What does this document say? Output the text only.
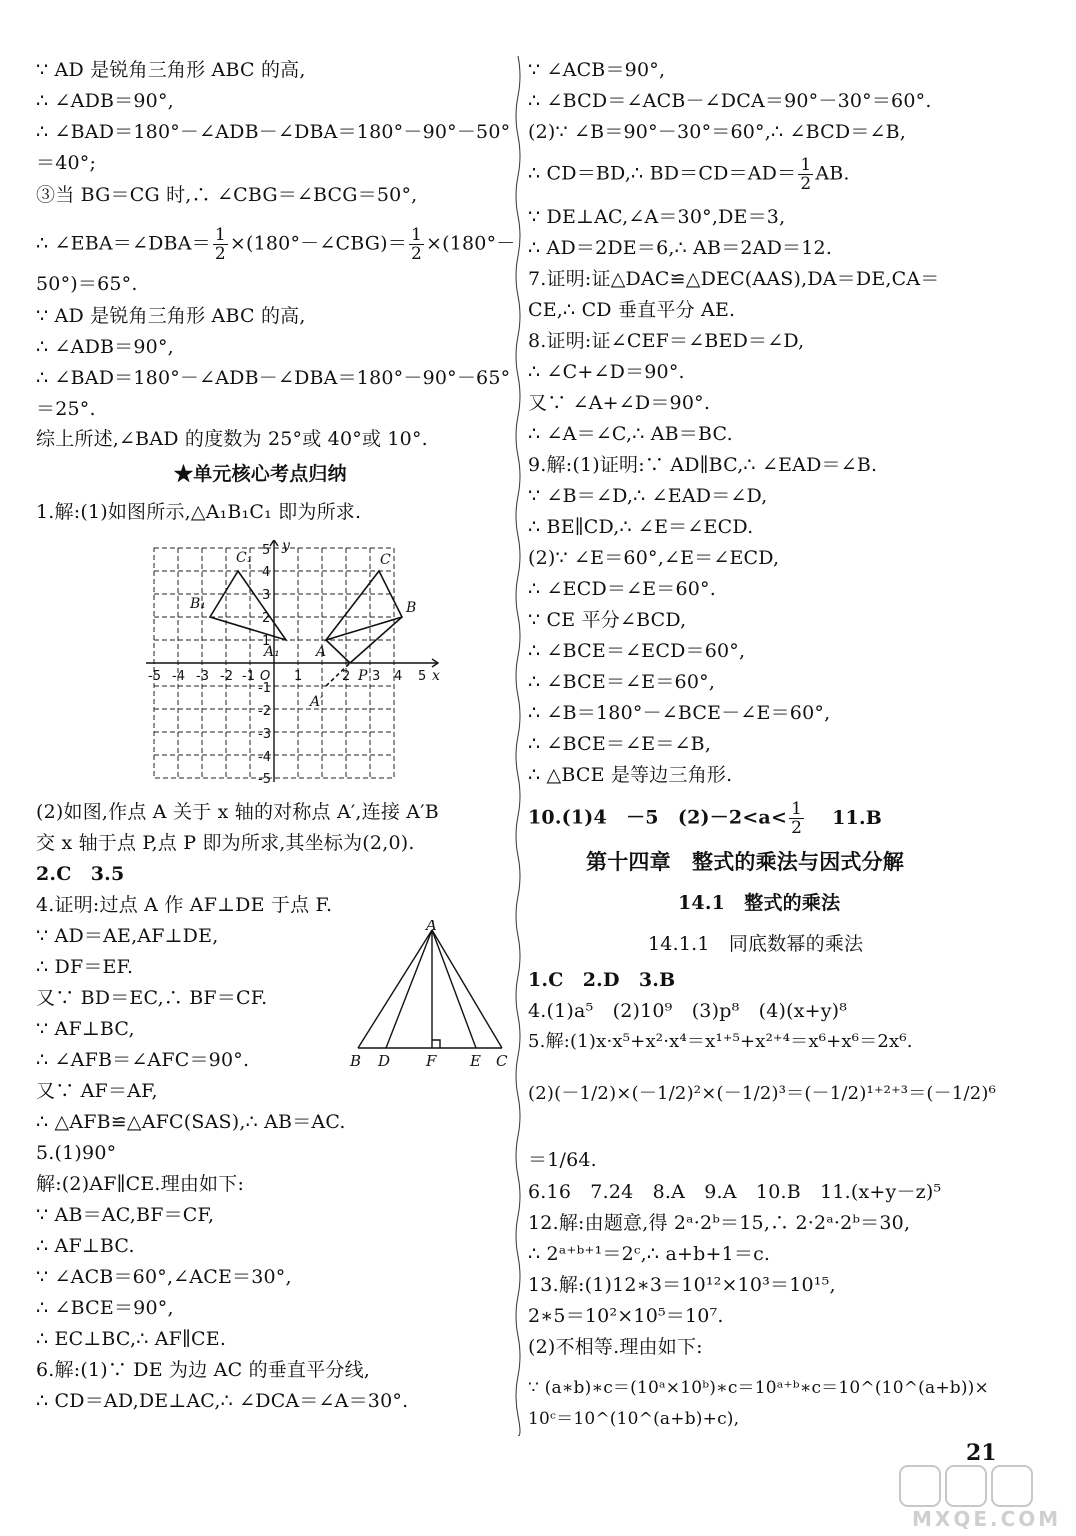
∵ AD 是锐角三角形 ABC 的高,
∴ ∠ADB＝90°,
∴ ∠BAD＝180°－∠ADB－∠DBA＝180°－90°－50°
＝40°;
③当 BG＝CG 时,∴ ∠CBG＝∠BCG＝50°,
∴ ∠EBA＝∠DBA＝ $\frac{1}{2}$ ×(180°－∠CBG)＝ $\frac{1}{2} \times(180^\circ-$
50°)＝65°.
∵ AD 是锐角三角形 ABC 的高,
∴ ∠ADB＝90°,
∴ ∠BAD＝180°－∠ADB－∠DBA＝180°－90°－65°
＝25°.
综上所述,∠BAD 的度数为 25°或 40°或 10°.
★单元核心考点归纳
1.解:(1)如图所示,△A₁B₁C₁ 即为所求.
C₁	C
B₁	B
A₁	A
A′
P	x
y
-5 -4 -3 -2 -1 O 1	2 3 4 5
5
4
3
2
1
-1
-2
-3
-4
-5
(2)如图,作点 A 关于 x 轴的对称点 A′,连接 A′B
交 x 轴于点 P,点 P 即为所求,其坐标为(2,0).
2.C　3.5
4.证明:过点 A 作 AF⊥DE 于点 F.
∵ AD＝AE,AF⊥DE,
∴ DF＝EF.
又∵ BD＝EC,∴ BF＝CF.
∵ AF⊥BC,
∴ ∠AFB＝∠AFC＝90°.
又∵ AF＝AF,
∴ △AFB≌△AFC(SAS),∴ AB＝AC.
A
B D F E C
5.(1)90°
解:(2)AF∥CE.理由如下:
∵ AB＝AC,BF＝CF,
∴ AF⊥BC.
∵ ∠ACB＝60°,∠ACE＝30°,
∴ ∠BCE＝90°,
∴ EC⊥BC,∴ AF∥CE.
6.解:(1)∵ DE 为边 AC 的垂直平分线,
∴ CD＝AD,DE⊥AC,∴ ∠DCA＝∠A＝30°.
∵ ∠ACB＝90°,
∴ ∠BCD＝∠ACB－∠DCA＝90°－30°＝60°.
(2)∵ ∠B＝90°－30°＝60°,∴ ∠BCD＝∠B,
∴ CD＝BD,∴ $BD=CD=AD= \frac{1}{2}$ AB.
∵ DE⊥AC,∠A＝30°,DE＝3,
∴ AD＝2DE＝6,∴ AB＝2AD＝12.
7.证明:证△DAC≌△DEC(AAS),DA＝DE,CA＝
CE,∴ CD 垂直平分 AE.
8.证明:证∠CEF＝∠BED＝∠D,
∴ ∠C+∠D＝90°.
又∵ ∠A+∠D＝90°.
∴ ∠A＝∠C,∴ AB＝BC.
9.解:(1)证明:∵ AD∥BC,∴ ∠EAD＝∠B.
∵ ∠B＝∠D,∴ ∠EAD＝∠D,
∴ BE∥CD,∴ ∠E＝∠ECD.
(2)∵ ∠E＝60°,∠E＝∠ECD,
∴ ∠ECD＝∠E＝60°.
∵ CE 平分∠BCD,
∴ ∠BCE＝∠ECD＝60°,
∴ ∠BCE＝∠E＝60°,
∴ ∠B＝180°－∠BCE－∠E＝60°,
∴ ∠BCE＝∠E＝∠B,
∴ △BCE 是等边三角形.
10.(1)4　－5　$(2)-2<a< \frac{1}{2} 11.B$
第十四章　整式的乘法与因式分解
14.1　整式的乘法
14.1.1　同底数幂的乘法
1.C　2.D　3.B
4.(1)a⁵　(2)10⁹　(3)p⁸　(4)(x+y)⁸
5.解:(1)x·x⁵+x²·x⁴＝x¹⁺⁵+x²⁺⁴＝x⁶+x⁶＝2x⁶.
(2)(－1/2)×(－1/2)²×(－1/2)³＝(－1/2)¹⁺²⁺³＝(－1/2)⁶
＝1/64.
6.16　7.24　8.A　9.A　10.B　11.(x+y－z)⁵
12.解:由题意,得 2ᵃ·2ᵇ＝15,∴ 2·2ᵃ·2ᵇ＝30,
∴ 2ᵃ⁺ᵇ⁺¹＝2ᶜ,∴ a+b+1＝c.
13.解:(1)12∗3＝10¹²×10³＝10¹⁵,
2∗5＝10²×10⁵＝10⁷.
(2)不相等.理由如下:
∵ (a∗b)∗c＝(10ᵃ×10ᵇ)∗c＝10ᵃ⁺ᵇ∗c＝10^(10^(a+b))×
10ᶜ＝10^(10^(a+b)+c),
21
MXQE.COM
